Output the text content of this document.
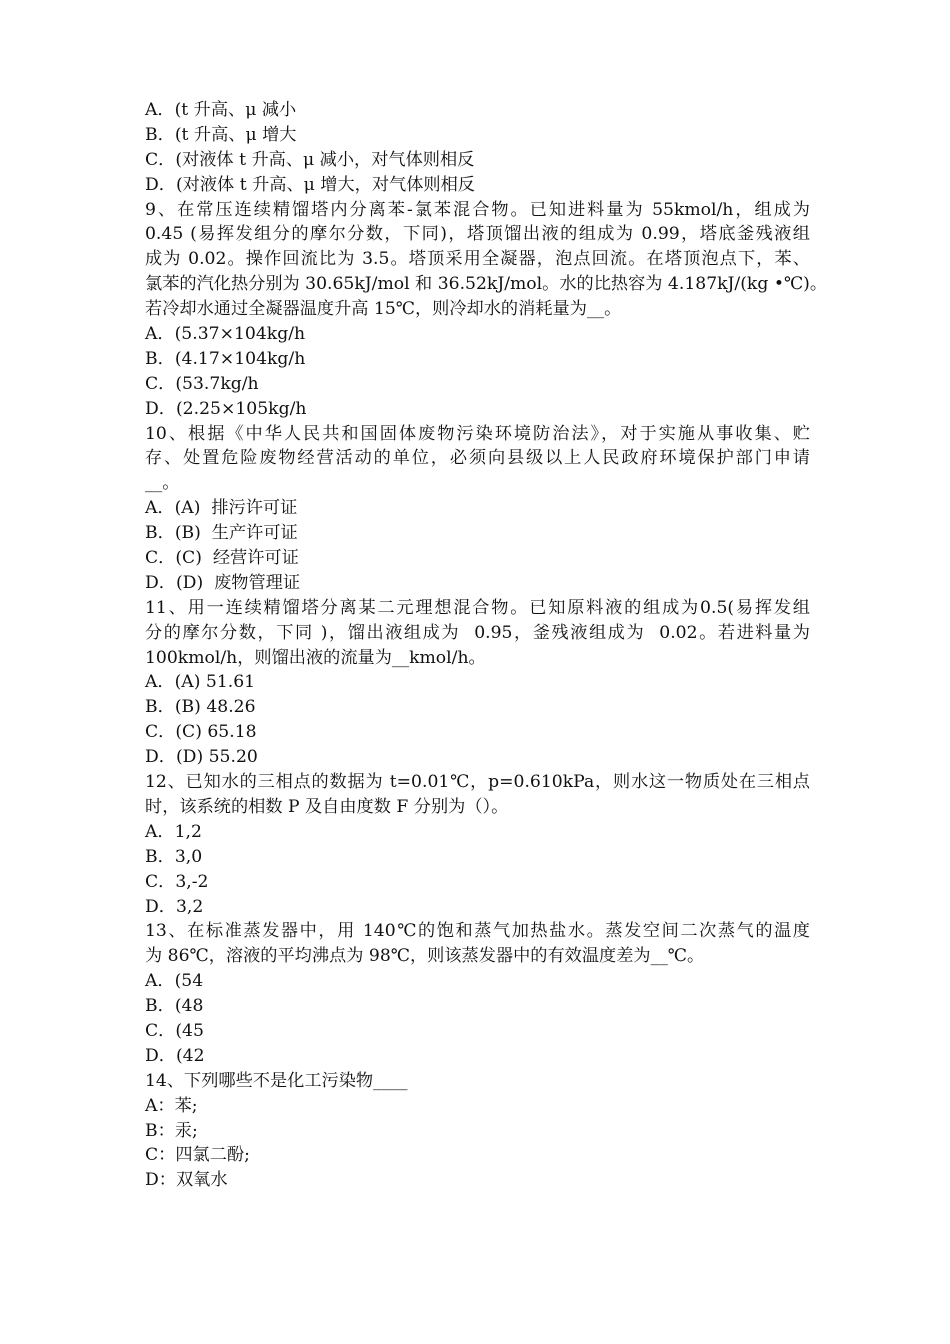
A．(t 升高、μ 减小
B．(t 升高、μ 增大
C．(对液体 t 升高、μ 减小，对气体则相反
D．(对液体 t 升高、μ 增大，对气体则相反
9、在常压连续精馏塔内分离苯-氯苯混合物。已知进料量为 55kmol/h，组成为
0.45 (易挥发组分的摩尔分数，下同)，塔顶馏出液的组成为 0.99，塔底釜残液组
成为 0.02。操作回流比为 3.5。塔顶采用全凝器，泡点回流。在塔顶泡点下，苯、
氯苯的汽化热分别为 30.65kJ/mol 和 36.52kJ/mol。水的比热容为 4.187kJ/(kg •℃)。
若冷却水通过全凝器温度升高 15℃，则冷却水的消耗量为__。
A．(5.37×104kg/h
B．(4.17×104kg/h
C．(53.7kg/h
D．(2.25×105kg/h
10、根据《中华人民共和国固体废物污染环境防治法》，对于实施从事收集、贮
存、处置危险废物经营活动的单位，必须向县级以上人民政府环境保护部门申请
__。
A．(A)  排污许可证
B．(B)  生产许可证
C．(C)  经营许可证
D．(D)  废物管理证
11、用一连续精馏塔分离某二元理想混合物。已知原料液的组成为0.5(易挥发组
分的摩尔分数，下同 )，馏出液组成为  0.95，釜残液组成为  0.02。若进料量为
100kmol/h，则馏出液的流量为__kmol/h。
A．(A) 51.61
B．(B) 48.26
C．(C) 65.18
D．(D) 55.20
12、已知水的三相点的数据为 t=0.01℃，p=0.610kPa，则水这一物质处在三相点
时，该系统的相数 P 及自由度数 F 分别为（）。
A．1,2
B．3,0
C．3,-2
D．3,2
13、在标准蒸发器中，用 140℃的饱和蒸气加热盐水。蒸发空间二次蒸气的温度
为 86℃，溶液的平均沸点为 98℃，则该蒸发器中的有效温度差为__℃。
A．(54
B．(48
C．(45
D．(42
14、下列哪些不是化工污染物____
A：苯;
B：汞;
C：四氯二酚;
D：双氧水
